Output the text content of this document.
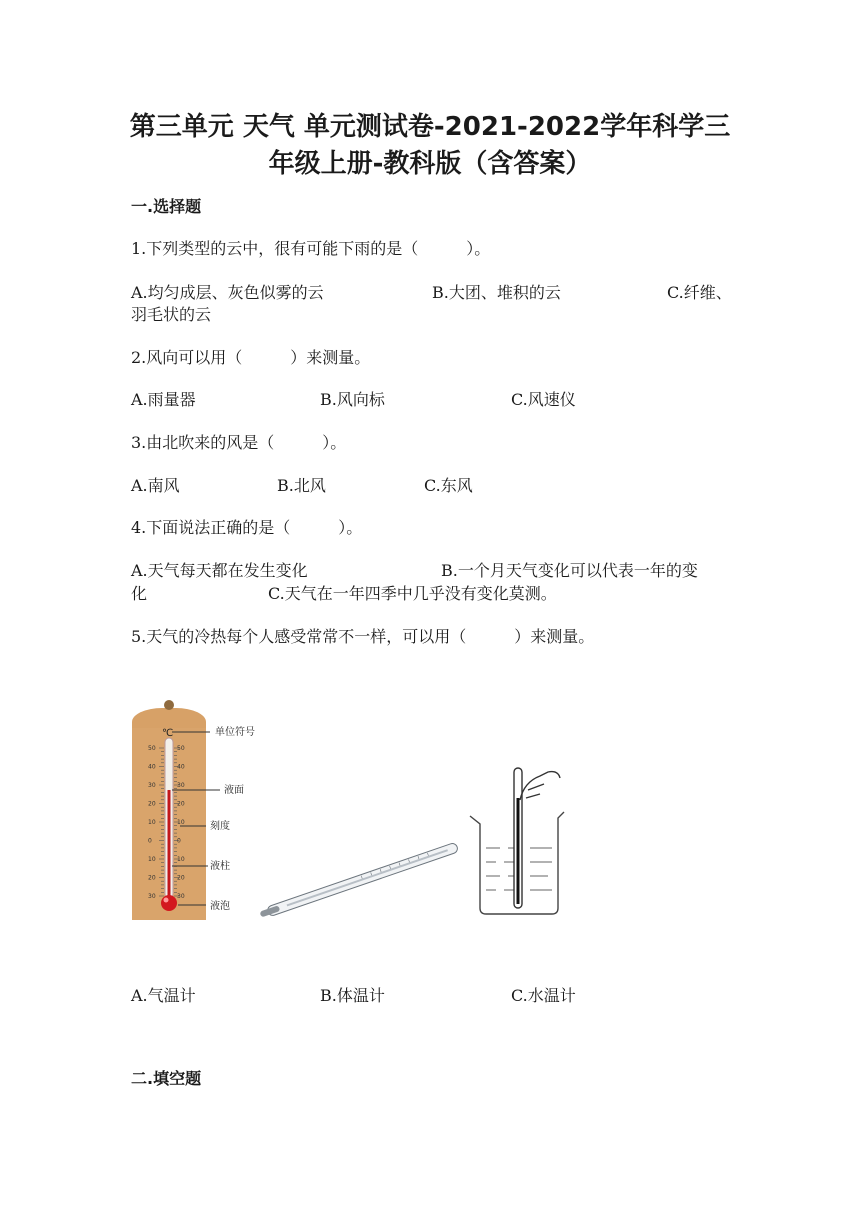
第三单元 天气 单元测试卷-2021-2022学年科学三
年级上册-教科版（含答案）
一.选择题
1.下列类型的云中，很有可能下雨的是（　　　）。
A.均匀成层、灰色似雾的云	B.大团、堆积的云	C.纤维、
羽毛状的云
2.风向可以用（　　　）来测量。
A.雨量器	B.风向标	C.风速仪
3.由北吹来的风是（　　　）。
A.南风	B.北风	C.东风
4.下面说法正确的是（　　　）。
A.天气每天都在发生变化	B.一个月天气变化可以代表一年的变
化	C.天气在一年四季中几乎没有变化莫测。
5.天气的冷热每个人感受常常不一样，可以用（　　　）来测量。
℃
50
40
30
20
10
0
10
20
30
50
40
30
20
10
0
10
20
30
单位符号
液面
刻度
液柱
液泡
A.气温计	B.体温计	C.水温计
二.填空题
